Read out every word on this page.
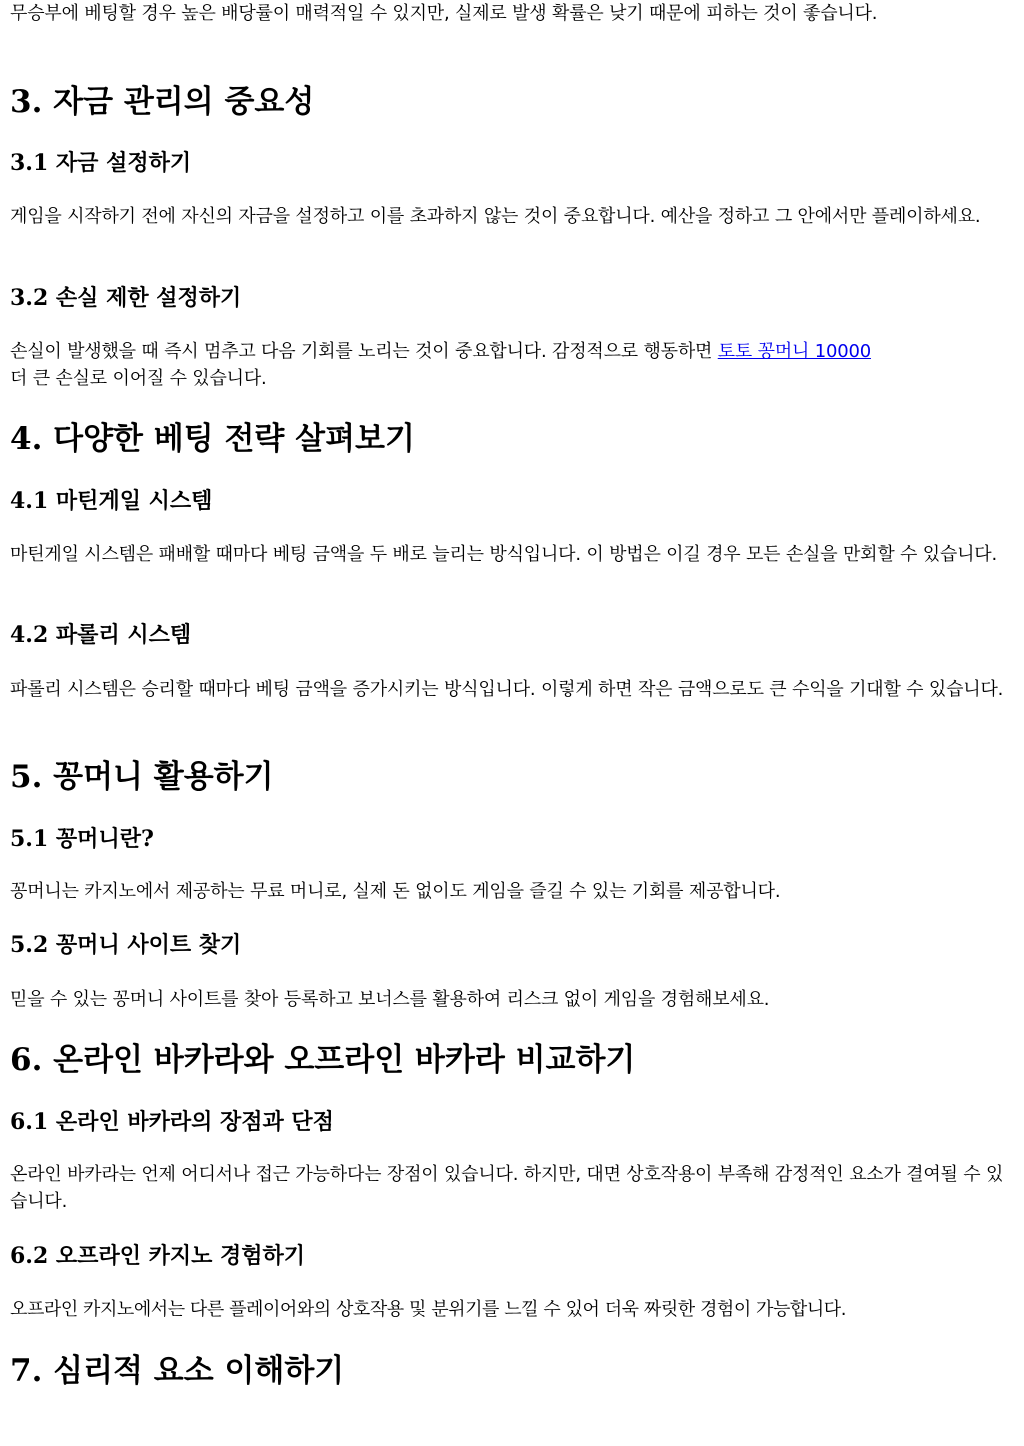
무승부에 베팅할 경우 높은 배당률이 매력적일 수 있지만, 실제로 발생 확률은 낮기 때문에 피하는 것이 좋습니다.

3. 자금 관리의 중요성
3.1 자금 설정하기

게임을 시작하기 전에 자신의 자금을 설정하고 이를 초과하지 않는 것이 중요합니다. 예산을 정하고 그 안에서만 플레이하세요.

3.2 손실 제한 설정하기

손실이 발생했을 때 즉시 멈추고 다음 기회를 노리는 것이 중요합니다. 감정적으로 행동하면 토토 꽁머니 10000
더 큰 손실로 이어질 수 있습니다.

4. 다양한 베팅 전략 살펴보기
4.1 마틴게일 시스템

마틴게일 시스템은 패배할 때마다 베팅 금액을 두 배로 늘리는 방식입니다. 이 방법은 이길 경우 모든 손실을 만회할 수 있습니다.

4.2 파롤리 시스템

파롤리 시스템은 승리할 때마다 베팅 금액을 증가시키는 방식입니다. 이렇게 하면 작은 금액으로도 큰 수익을 기대할 수 있습니다.

5. 꽁머니 활용하기
5.1 꽁머니란?

꽁머니는 카지노에서 제공하는 무료 머니로, 실제 돈 없이도 게임을 즐길 수 있는 기회를 제공합니다.

5.2 꽁머니 사이트 찾기

믿을 수 있는 꽁머니 사이트를 찾아 등록하고 보너스를 활용하여 리스크 없이 게임을 경험해보세요.

6. 온라인 바카라와 오프라인 바카라 비교하기
6.1 온라인 바카라의 장점과 단점

온라인 바카라는 언제 어디서나 접근 가능하다는 장점이 있습니다. 하지만, 대면 상호작용이 부족해 감정적인 요소가 결여될 수 있습니다.

6.2 오프라인 카지노 경험하기

오프라인 카지노에서는 다른 플레이어와의 상호작용 및 분위기를 느낄 수 있어 더욱 짜릿한 경험이 가능합니다.

7. 심리적 요소 이해하기
